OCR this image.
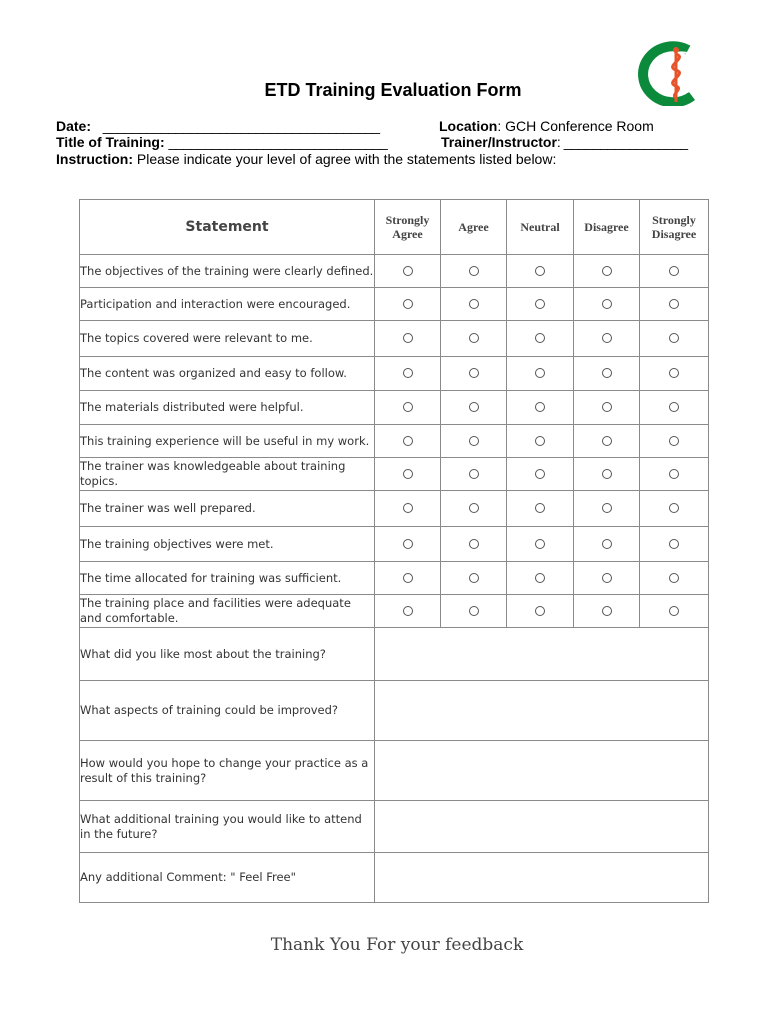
ETD Training Evaluation Form
Date: ______________________________________	Location: GCH Conference Room
Title of Training: ______________________________	Trainer/Instructor: _________________
Instruction: Please indicate your level of agree with the statements listed below:
Statement	Strongly Agree	Agree	Neutral	Disagree	Strongly Disagree
The objectives of the training were clearly defined.					
Participation and interaction were encouraged.					
The topics covered were relevant to me.					
The content was organized and easy to follow.					
The materials distributed were helpful.					
This training experience will be useful in my work.					
The trainer was knowledgeable about training topics.					
The trainer was well prepared.					
The training objectives were met.					
The time allocated for training was sufficient.					
The training place and facilities were adequate and comfortable.					
What did you like most about the training?					
What aspects of training could be improved?					
How would you hope to change your practice as a result of this training?					
What additional training you would like to attend in the future?					
Any additional Comment: " Feel Free"					
Thank You For your feedback
